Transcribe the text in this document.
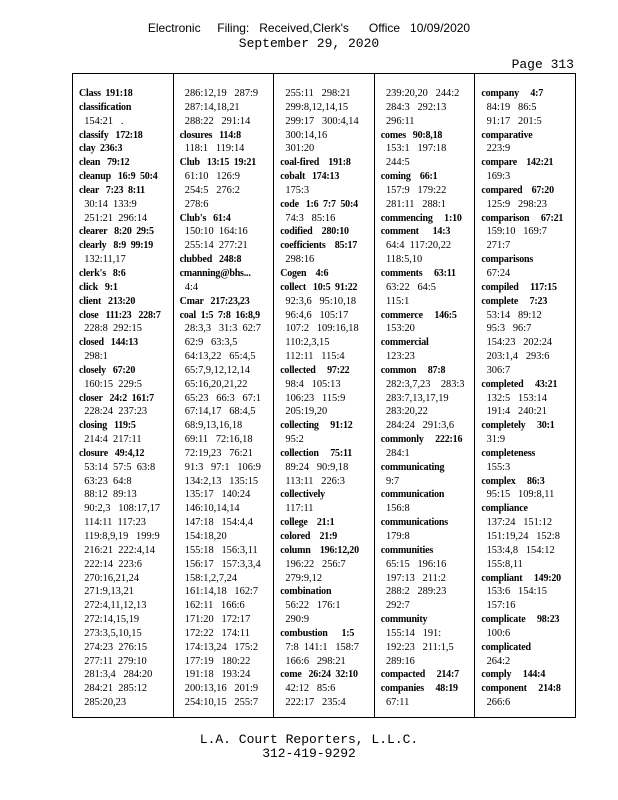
Electronic     Filing:   Received,Clerk's      Office   10/09/2020
September 29, 2020
Page 313
Class  191:18
classification
154:21   .
classify   172:18
clay  236:3
clean   79:12
cleanup   16:9  50:4
clear   7:23  8:11
30:14  133:9
251:21  296:14
clearer   8:20  29:5
clearly   8:9  99:19
132:11,17
clerk's   8:6
click   9:1
client   213:20
close   111:23   228:7
228:8  292:15
closed   144:13
298:1
closely   67:20
160:15  229:5
closer   24:2  161:7
228:24  237:23
closing   119:5
214:4  217:11
closure   49:4,12
53:14  57:5  63:8
63:23  64:8
88:12  89:13
90:2,3   108:17,17
114:11  117:23
119:8,9,19   199:9
216:21  222:4,14
222:14  223:6
270:16,21,24
271:9,13,21
272:4,11,12,13
272:14,15,19
273:3,5,10,15
274:23  276:15
277:11  279:10
281:3,4   284:20
284:21  285:12
285:20,23
286:12,19   287:9
287:14,18,21
288:22   291:14
closures   114:8
118:1   119:14
Club   13:15  19:21
61:10   126:9
254:5   276:2
278:6
Club's   61:4
150:10  164:16
255:14  277:21
clubbed   248:8
cmanning@bhs...
4:4
Cmar   217:23,23
coal  1:5  7:8  16:8,9
28:3,3   31:3  62:7
62:9   63:3,5
64:13,22   65:4,5
65:7,9,12,12,14
65:16,20,21,22
65:23   66:3   67:1
67:14,17   68:4,5
68:9,13,16,18
69:11   72:16,18
72:19,23   76:21
91:3   97:1   106:9
134:2,13   135:15
135:17   140:24
146:10,14,14
147:18   154:4,4
154:18,20
155:18   156:3,11
156:17   157:3,3,4
158:1,2,7,24
161:14,18   162:7
162:11   166:6
171:20   172:17
172:22   174:11
174:13,24   175:2
177:19   180:22
191:18   193:24
200:13,16   201:9
254:10,15   255:7
255:11   298:21
299:8,12,14,15
299:17   300:4,14
300:14,16
301:20
coal-fired    191:8
cobalt   174:13
175:3
code   1:6  7:7  50:4
74:3   85:16
codified    280:10
coefficients    85:17
298:16
Cogen    4:6
collect   10:5  91:22
92:3,6   95:10,18
96:4,6   105:17
107:2   109:16,18
110:2,3,15
112:11   115:4
collected     97:22
98:4   105:13
106:23   115:9
205:19,20
collecting     91:12
95:2
collection     75:11
89:24   90:9,18
113:11   226:3
collectively
117:11
college    21:1
colored    21:9
column    196:12,20
196:22   256:7
279:9,12
combination
56:22   176:1
290:9
combustion      1:5
7:8  141:1   158:7
166:6   298:21
come   26:24  32:10
42:12   85:6
222:17   235:4
239:20,20   244:2
284:3   292:13
296:11
comes   90:8,18
153:1   197:18
244:5
coming    66:1
157:9   179:22
281:11   288:1
commencing     1:10
comment      14:3
64:4  117:20,22
118:5,10
comments     63:11
63:22   64:5
115:1
commerce     146:5
153:20
commercial
123:23
common     87:8
282:3,7,23    283:3
283:7,13,17,19
283:20,22
284:24   291:3,6
commonly     222:16
284:1
communicating
9:7
communication
156:8
communications
179:8
communities
65:15   196:16
197:13   211:2
288:2   289:23
292:7
community
155:14   191:
192:23   211:1,5
289:16
compacted     214:7
companies     48:19
67:11
company     4:7
84:19   86:5
91:17   201:5
comparative
223:9
compare    142:21
169:3
compared    67:20
125:9   298:23
comparison     67:21
159:10   169:7
271:7
comparisons
67:24
compiled     117:15
complete     7:23
53:14   89:12
95:3   96:7
154:23   202:24
203:1,4   293:6
306:7
completed     43:21
132:5   153:14
191:4   240:21
completely     30:1
31:9
completeness
155:3
complex     86:3
95:15   109:8,11
compliance
137:24   151:12
151:19,24   152:8
153:4,8   154:12
155:8,11
compliant     149:20
153:6   154:15
157:16
complicate     98:23
100:6
complicated
264:2
comply     144:4
component     214:8
266:6
L.A. Court Reporters, L.L.C.
312-419-9292
